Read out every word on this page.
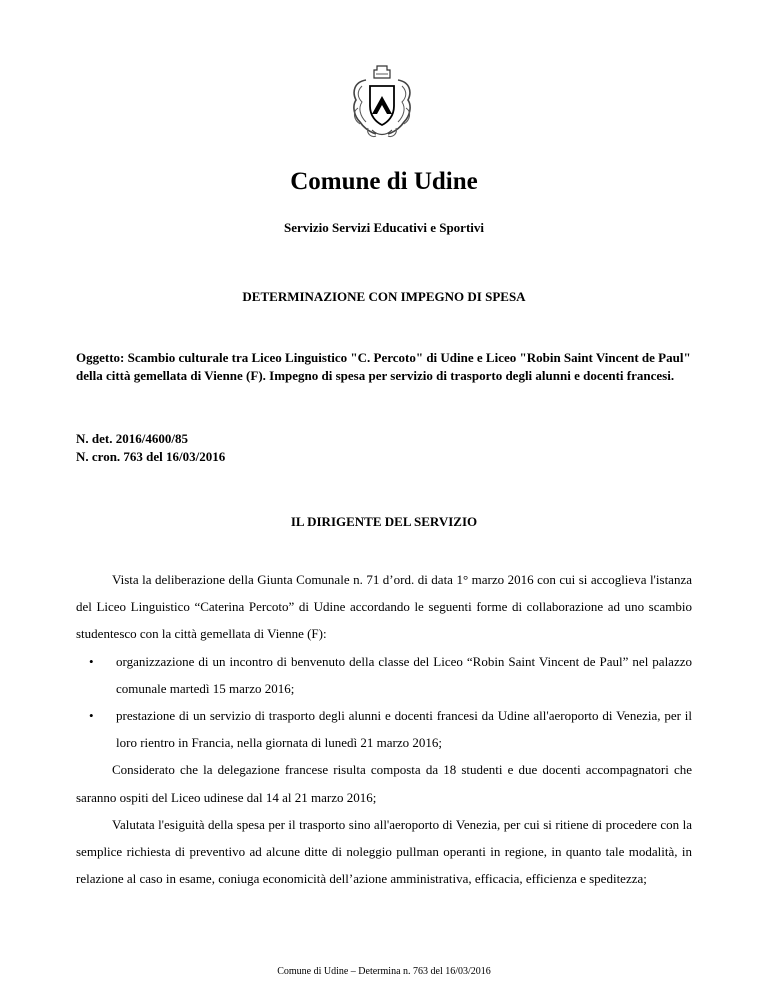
Comune di Udine
Servizio Servizi Educativi e Sportivi
DETERMINAZIONE CON IMPEGNO DI SPESA
Oggetto: Scambio culturale tra Liceo Linguistico "C. Percoto" di Udine e Liceo "Robin Saint Vincent de Paul" della città gemellata di Vienne (F). Impegno di spesa per servizio di trasporto degli alunni e docenti francesi.
N. det. 2016/4600/85
N. cron. 763 del 16/03/2016
IL DIRIGENTE DEL SERVIZIO

Vista la deliberazione della Giunta Comunale n. 71 d’ord. di data 1° marzo 2016 con cui si accoglieva l'istanza del Liceo Linguistico “Caterina Percoto” di Udine accordando le seguenti forme di collaborazione ad uno scambio studentesco con la città gemellata di Vienne (F):

• organizzazione di un incontro di benvenuto della classe del Liceo “Robin Saint Vincent de Paul” nel palazzo comunale martedì 15 marzo 2016;
• prestazione di un servizio di trasporto degli alunni e docenti francesi da Udine all'aeroporto di Venezia, per il loro rientro in Francia, nella giornata di lunedì 21 marzo 2016;

Considerato che la delegazione francese risulta composta da 18 studenti e due docenti accompagnatori che saranno ospiti del Liceo udinese dal 14 al 21 marzo 2016;

Valutata l'esiguità della spesa per il trasporto sino all'aeroporto di Venezia, per cui si ritiene di procedere con la semplice richiesta di preventivo ad alcune ditte di noleggio pullman operanti in regione, in quanto tale modalità, in relazione al caso in esame, coniuga economicità dell’azione amministrativa, efficacia, efficienza e speditezza;

Comune di Udine – Determina n. 763 del 16/03/2016
